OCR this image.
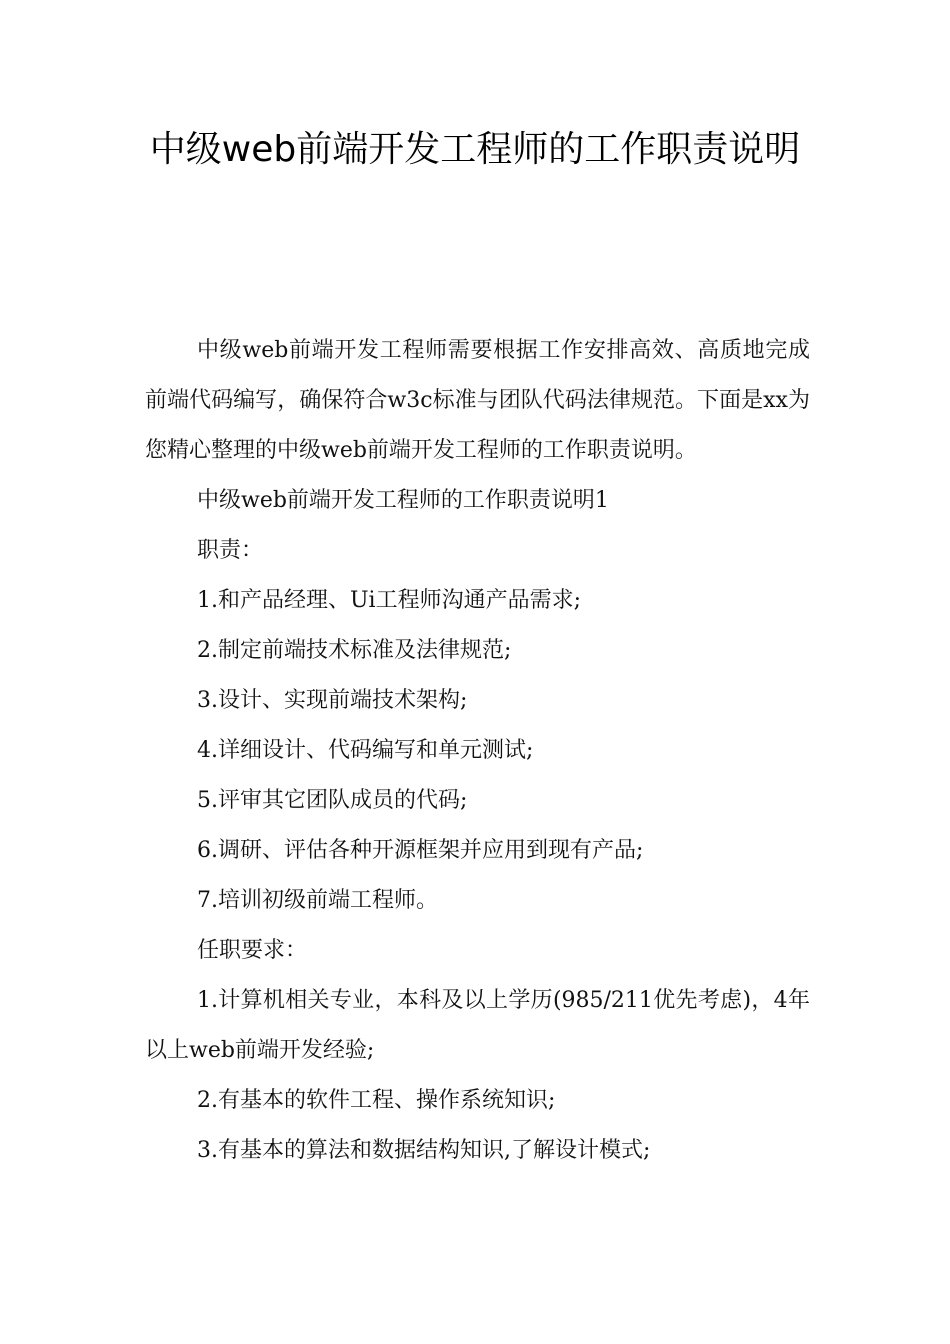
中级web前端开发工程师的工作职责说明

中级web前端开发工程师需要根据工作安排高效、高质地完成前端代码编写，确保符合w3c标准与团队代码法律规范。下面是xx为您精心整理的中级web前端开发工程师的工作职责说明。

中级web前端开发工程师的工作职责说明1

职责：

1.和产品经理、Ui工程师沟通产品需求;

2.制定前端技术标准及法律规范;

3.设计、实现前端技术架构;

4.详细设计、代码编写和单元测试;

5.评审其它团队成员的代码;

6.调研、评估各种开源框架并应用到现有产品;

7.培训初级前端工程师。

任职要求：

1.计算机相关专业，本科及以上学历(985/211优先考虑)，4年以上web前端开发经验;

2.有基本的软件工程、操作系统知识;

3.有基本的算法和数据结构知识,了解设计模式;
